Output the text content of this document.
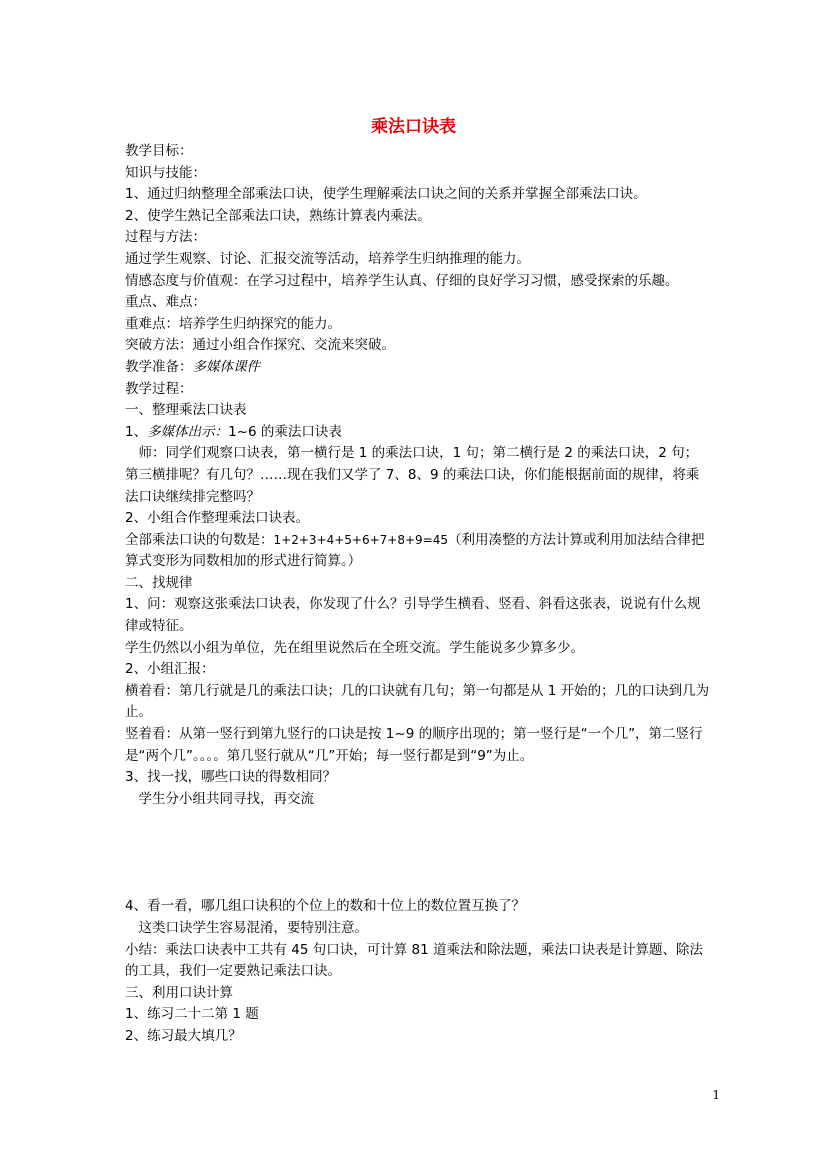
乘法口诀表

教学目标：

知识与技能：

1、通过归纳整理全部乘法口诀，使学生理解乘法口诀之间的关系并掌握全部乘法口诀。

2、使学生熟记全部乘法口诀，熟练计算表内乘法。

过程与方法：

通过学生观察、讨论、汇报交流等活动，培养学生归纳推理的能力。

情感态度与价值观：在学习过程中，培养学生认真、仔细的良好学习习惯，感受探索的乐趣。

重点、难点：

重难点：培养学生归纳探究的能力。

突破方法：通过小组合作探究、交流来突破。

教学准备：多媒体课件

教学过程：

一、整理乘法口诀表

1、多媒体出示：1~6 的乘法口诀表

师：同学们观察口诀表，第一横行是 1 的乘法口诀，1 句；第二横行是 2 的乘法口诀，2 句；第三横排呢？有几句？……现在我们又学了 7、8、9 的乘法口诀，你们能根据前面的规律，将乘法口诀继续排完整吗？

2、小组合作整理乘法口诀表。

全部乘法口诀的句数是：1+2+3+4+5+6+7+8+9=45（利用凑整的方法计算或利用加法结合律把算式变形为同数相加的形式进行简算。）

二、找规律

1、问：观察这张乘法口诀表，你发现了什么？引导学生横看、竖看、斜看这张表，说说有什么规律或特征。

学生仍然以小组为单位，先在组里说然后在全班交流。学生能说多少算多少。

2、小组汇报：

横着看：第几行就是几的乘法口诀；几的口诀就有几句；第一句都是从 1 开始的；几的口诀到几为止。

竖着看：从第一竖行到第九竖行的口诀是按 1~9 的顺序出现的；第一竖行是“一个几”，第二竖行是“两个几”。。。。第几竖行就从“几”开始；每一竖行都是到“9”为止。

3、找一找，哪些口诀的得数相同？

学生分小组共同寻找，再交流

4、看一看，哪几组口诀积的个位上的数和十位上的数位置互换了？

这类口诀学生容易混淆，要特别注意。

小结：乘法口诀表中工共有 45 句口诀，可计算 81 道乘法和除法题，乘法口诀表是计算题、除法的工具，我们一定要熟记乘法口诀。

三、利用口诀计算

1、练习二十二第 1 题

2、练习最大填几？

1
